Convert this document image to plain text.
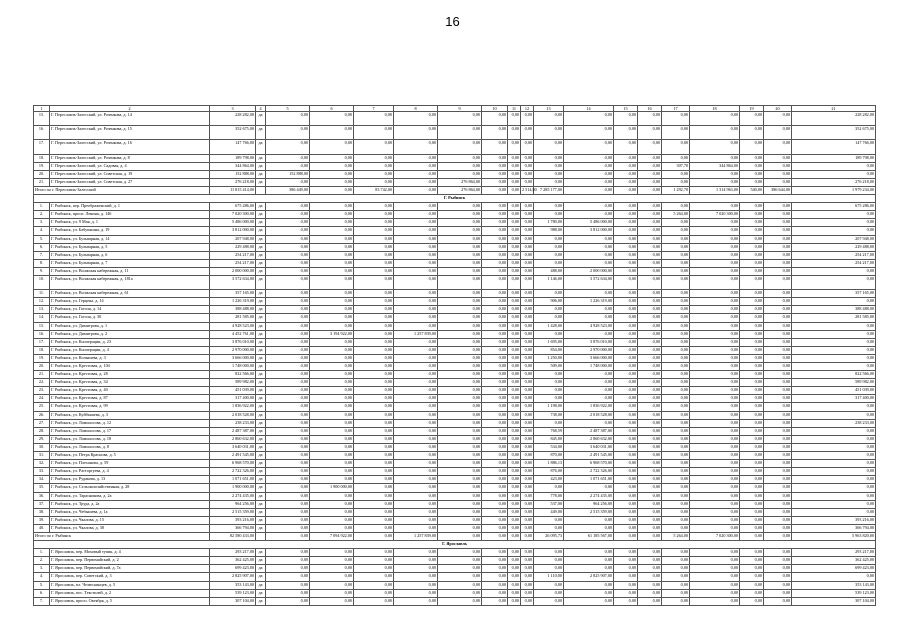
16
1	2	3	4	5	6	7	8	9	10	11	12	13	14	15	16	17	18	19	20	21
15.	Г. Переславль-Залесский, ул. Розенкова, д. 14	228 282,00	да	0,00	0,00	0,00	0,00	0,00	0,00	0,00	0,00	0,00	0,00	0,00	0,00	0,00	0,00	0,00	0,00	228 282,00
16.	Г. Переславль-Залесский, ул. Розенкова, д. 15	352 675,00	да	0,00	0,00	0,00	0,00	0,00	0,00	0,00	0,00	0,00	0,00	0,00	0,00	0,00	0,00	0,00	0,00	352 675,00
17.	Г. Переславль-Залесский, ул. Розенкова, д. 16	147 766,00	да	0,00	0,00	0,00	0,00	0,00	0,00	0,00	0,00	0,00	0,00	0,00	0,00	0,00	0,00	0,00	0,00	147 766,00
18.	Г. Переславль-Залесский, ул. Розенкова, д. 8	189 798,00	да	0,00	0,00	0,00	0,00	0,00	0,00	0,00	0,00	0,00	0,00	0,00	0,00	0,00	0,00	0,00	0,00	189 798,00
19.	Г. Переславль-Залесский, ул. Садовая, д. 4	344 864,00	да	0,00	0,00	0,00	0,00	0,00	0,00	0,00	0,00	0,00	0,00	0,00	0,00	307,70	344 864,00	0,00	0,00	0,00
20.	Г. Переславль-Залесский, ул. Советская, д. 19	152 888,00	да	152 888,00	0,00	0,00	0,00	0,00	0,00	0,00	0,00	0,00	0,00	0,00	0,00	0,00	0,00	0,00	0,00	0,00
21.	Г. Переславль-Залесский, ул. Советская, д. 27	276 218,00	да	0,00	0,00	0,00	0,00	276 864,00	0,00	0,00	0,00	0,00	0,00	0,00	0,00	0,00	0,00	0,00	0,00	276 218,00
Итого по г. Переславль-Залесский		11 815 414,00		386 449,00	0,00	83 742,00	0,00	276 864,00	0,00	0,00	2 514,80	7 285 177,00	0,00	0,00	0,00	1 292,70	1 314 963,00	540,00	386 644,00	1 979 234,00
Г. Рыбинск																				
1.	Г. Рыбинск, пер. Преображенский, д. 1	675 286,00	да	0,00	0,00	0,00	0,00	0,00	0,00	0,00	0,00	0,00	0,00	0,00	0,00	0,00	0,00	0,00	0,00	675 286,00
2.	Г. Рыбинск, просп. Ленина, д. 146	7 020 300,00	да	0,00	0,00	0,00	0,00	0,00	0,00	0,00	0,00	0,00	0,00	0,00	0,00	5 264,00	7 020 300,00	0,00	0,00	0,00
3.	Г. Рыбинск, ул. 9 Мая, д. 1	5 486 000,00	да	0,00	0,00	0,00	0,00	0,00	0,00	0,00	0,00	1 780,00	5 486 000,00	0,00	0,00	0,00	0,00	0,00	0,00	0,00
4.	Г. Рыбинск, ул. Бабушкина, д. 19	3 812 000,00	да	0,00	0,00	0,00	0,00	0,00	0,00	0,00	0,00	988,00	3 812 000,00	0,00	0,00	0,00	0,00	0,00	0,00	0,00
5.	Г. Рыбинск, ул. Бульварная, д. 14	207 948,00	да	0,00	0,00	0,00	0,00	0,00	0,00	0,00	0,00	0,00	0,00	0,00	0,00	0,00	0,00	0,00	0,00	207 948,00
6.	Г. Рыбинск, ул. Бульварная, д. 5	229 488,00	да	0,00	0,00	0,00	0,00	0,00	0,00	0,00	0,00	0,00	0,00	0,00	0,00	0,00	0,00	0,00	0,00	229 488,00
7.	Г. Рыбинск, ул. Бульварная, д. 6	254 217,00	да	0,00	0,00	0,00	0,00	0,00	0,00	0,00	0,00	0,00	0,00	0,00	0,00	0,00	0,00	0,00	0,00	254 217,00
8.	Г. Рыбинск, ул. Бульварная, д. 7	254 217,00	да	0,00	0,00	0,00	0,00	0,00	0,00	0,00	0,00	0,00	0,00	0,00	0,00	0,00	0,00	0,00	0,00	254 217,00
9.	Г. Рыбинск, ул. Волжская набережная, д. 11	2 000 000,00	да	0,00	0,00	0,00	0,00	0,00	0,00	0,00	0,00	488,00	2 000 000,00	0,00	0,00	0,00	0,00	0,00	0,00	0,00
10.	Г. Рыбинск, ул. Волжская набережная, д. 181а	3 572 634,00	да	0,00	0,00	0,00	0,00	0,00	0,00	0,00	0,00	1 146,00	3 572 634,00	0,00	0,00	0,00	0,00	0,00	0,00	0,00
11.	Г. Рыбинск, ул. Волжская набережная, д. 61	357 165,00	да	0,00	0,00	0,00	0,00	0,00	0,00	0,00	0,00	0,00	0,00	0,00	0,00	0,00	0,00	0,00	0,00	357 165,00
12.	Г. Рыбинск, ул. Герцена, д. 14	1 226 319,00	да	0,00	0,00	0,00	0,00	0,00	0,00	0,00	0,00	906,00	1 226 319,00	0,00	0,00	0,00	0,00	0,00	0,00	0,00
13.	Г. Рыбинск, ул. Гоголя, д. 14	388 488,00	да	0,00	0,00	0,00	0,00	0,00	0,00	0,00	0,00	0,00	0,00	0,00	0,00	0,00	0,00	0,00	0,00	388 488,00
14.	Г. Рыбинск, ул. Гоголя, д. 30	281 585,00	да	0,00	0,00	0,00	0,00	0,00	0,00	0,00	0,00	0,00	0,00	0,00	0,00	0,00	0,00	0,00	0,00	281 585,00
15.	Г. Рыбинск, ул. Димитрова, д. 1	4 928 523,00	да	0,00	0,00	0,00	0,00	0,00	0,00	0,00	0,00	1 428,00	4 928 523,00	0,00	0,00	0,00	0,00	0,00	0,00	0,00
16.	Г. Рыбинск, ул. Димитрова, д. 2	4 452 761,00	да	0,00	3 194 922,00	0,00	1 257 839,00	0,00	0,00	0,00	0,00	0,00	0,00	0,00	0,00	0,00	0,00	0,00	0,00	0,00
17.	Г. Рыбинск, ул. Кооперации, д. 23	3 876 010,00	да	0,00	0,00	0,00	0,00	0,00	0,00	0,00	0,00	1 695,00	3 876 010,00	0,00	0,00	0,00	0,00	0,00	0,00	0,00
18.	Г. Рыбинск, ул. Кооперации, д. 4	2 970 000,00	да	0,00	0,00	0,00	0,00	0,00	0,00	0,00	0,00	854,00	2 970 000,00	0,00	0,00	0,00	0,00	0,00	0,00	0,00
19.	Г. Рыбинск, ул. Колышева, д. 3	3 666 000,00	да	0,00	0,00	0,00	0,00	0,00	0,00	0,00	0,00	1 250,00	3 666 000,00	0,00	0,00	0,00	0,00	0,00	0,00	0,00
20.	Г. Рыбинск, ул. Крестовая, д. 104	1 748 000,00	да	0,00	0,00	0,00	0,00	0,00	0,00	0,00	0,00	509,00	1 748 000,00	0,00	0,00	0,00	0,00	0,00	0,00	0,00
21.	Г. Рыбинск, ул. Крестовая, д. 28	822 566,00	да	0,00	0,00	0,00	0,00	0,00	0,00	0,00	0,00	0,00	0,00	0,00	0,00	0,00	0,00	0,00	0,00	822 566,00
22.	Г. Рыбинск, ул. Крестовая, д. 34	589 982,00	да	0,00	0,00	0,00	0,00	0,00	0,00	0,00	0,00	0,00	0,00	0,00	0,00	0,00	0,00	0,00	0,00	589 982,00
23.	Г. Рыбинск, ул. Крестовая, д. 40	451 039,00	да	0,00	0,00	0,00	0,00	0,00	0,00	0,00	0,00	0,00	0,00	0,00	0,00	0,00	0,00	0,00	0,00	451 039,00
24.	Г. Рыбинск, ул. Крестовая, д. 87	317 400,00	да	0,00	0,00	0,00	0,00	0,00	0,00	0,00	0,00	0,00	0,00	0,00	0,00	0,00	0,00	0,00	0,00	317 400,00
25.	Г. Рыбинск, ул. Крестовая, д. 99	1 836 922,00	да	0,00	0,00	0,00	0,00	0,00	0,00	0,00	0,00	1 198,00	1 836 922,00	0,00	0,00	0,00	0,00	0,00	0,00	0,00
26.	Г. Рыбинск, ул. Куйбышева, д. 3	2 018 528,00	да	0,00	0,00	0,00	0,00	0,00	0,00	0,00	0,00	738,00	2 018 528,00	0,00	0,00	0,00	0,00	0,00	0,00	0,00
27.	Г. Рыбинск, ул. Ломоносова, д. 12	238 233,00	да	0,00	0,00	0,00	0,00	0,00	0,00	0,00	0,00	0,00	0,00	0,00	0,00	0,00	0,00	0,00	0,00	238 233,00
28.	Г. Рыбинск, ул. Ломоносова, д. 17	2 487 387,00	да	0,00	0,00	0,00	0,00	0,00	0,00	0,00	0,00	768,59	2 487 387,00	0,00	0,00	0,00	0,00	0,00	0,00	0,00
29.	Г. Рыбинск, ул. Ломоносова, д. 18	2 860 632,00	да	0,00	0,00	0,00	0,00	0,00	0,00	0,00	0,00	845,00	2 860 632,00	0,00	0,00	0,00	0,00	0,00	0,00	0,00
30.	Г. Рыбинск, ул. Ломоносова, д. 8	3 640 031,00	да	0,00	0,00	0,00	0,00	0,00	0,00	0,00	0,00	534,00	3 640 031,00	0,00	0,00	0,00	0,00	0,00	0,00	0,00
31.	Г. Рыбинск, ул. Петра Краснова, д. 5	2 491 545,00	да	0,00	0,00	0,00	0,00	0,00	0,00	0,00	0,00	870,00	2 491 545,00	0,00	0,00	0,00	0,00	0,00	0,00	0,00
32.	Г. Рыбинск, ул. Плеханова, д. 59	6 968 570,00	да	0,00	0,00	0,00	0,00	0,00	0,00	0,00	0,00	1 886,13	6 968 570,00	0,00	0,00	0,00	0,00	0,00	0,00	0,00
33.	Г. Рыбинск, ул. Расторгуева, д. 4	2 722 326,00	да	0,00	0,00	0,00	0,00	0,00	0,00	0,00	0,00	876,00	2 722 326,00	0,00	0,00	0,00	0,00	0,00	0,00	0,00
34.	Г. Рыбинск, ул. Рудакова, д. 13	1 071 651,00	да	0,00	0,00	0,00	0,00	0,00	0,00	0,00	0,00	423,00	1 071 651,00	0,00	0,00	0,00	0,00	0,00	0,00	0,00
35.	Г. Рыбинск, ул. Сельскохозяйственная, д. 28	1 900 000,00	да	0,00	1 900 000,00	0,00	0,00	0,00	0,00	0,00	0,00	0,00	0,00	0,00	0,00	0,00	0,00	0,00	0,00	0,00
36.	Г. Рыбинск, ул. Тарасникова, д. 2а	2 274 435,00	да	0,00	0,00	0,00	0,00	0,00	0,00	0,00	0,00	778,00	2 274 435,00	0,00	0,00	0,00	0,00	0,00	0,00	0,00
37.	Г. Рыбинск, ул. Труда, д. 2а	964 256,00	да	0,00	0,00	0,00	0,00	0,00	0,00	0,00	0,00	537,00	964 256,00	0,00	0,00	0,00	0,00	0,00	0,00	0,00
38.	Г. Рыбинск, ул. Чебышева, д. 1а	2 515 359,00	да	0,00	0,00	0,00	0,00	0,00	0,00	0,00	0,00	449,00	2 515 359,00	0,00	0,00	0,00	0,00	0,00	0,00	0,00
39.	Г. Рыбинск, ул. Чкалова, д. 15	393 216,00	да	0,00	0,00	0,00	0,00	0,00	0,00	0,00	0,00	0,00	0,00	0,00	0,00	0,00	0,00	0,00	0,00	393 216,00
40.	Г. Рыбинск, ул. Чкалова, д. 38	366 794,00	да	0,00	0,00	0,00	0,00	0,00	0,00	0,00	0,00	0,00	0,00	0,00	0,00	0,00	0,00	0,00	0,00	366 794,00
Итого по г. Рыбинск		82 580 433,00		0,00	7 094 922,00	0,00	1 257 839,00	0,00	0,00	0,00	0,00	26 095,73	61 185 567,00	0,00	0,00	5 264,00	7 020 300,00	0,00	0,00	5 963 820,00
Г. Ярославль																				
1.	Г. Ярославль, пер. Моховый тупик, д. 4	293 217,00	да	0,00	0,00	0,00	0,00	0,00	0,00	0,00	0,00	0,00	0,00	0,00	0,00	0,00	0,00	0,00	0,00	293 217,00
2.	Г. Ярославль, пер. Первомайский, д. 2	362 425,00	да	0,00	0,00	0,00	0,00	0,00	0,00	0,00	0,00	0,00	0,00	0,00	0,00	0,00	0,00	0,00	0,00	362 425,00
3.	Г. Ярославль, пер. Первомайский, д. 7а	699 423,00	да	0,00	0,00	0,00	0,00	0,00	0,00	0,00	0,00	0,00	0,00	0,00	0,00	0,00	0,00	0,00	0,00	699 423,00
4.	Г. Ярославль, пер. Советский, д. 3	2 825 907,00	да	0,00	0,00	0,00	0,00	0,00	0,00	0,00	0,00	1 110,00	2 825 907,00	0,00	0,00	0,00	0,00	0,00	0,00	0,00
5.	Г. Ярославль, пл. Челюскинцев, д. 5	353 143,00	да	0,00	0,00	0,00	0,00	0,00	0,00	0,00	0,00	0,00	0,00	0,00	0,00	0,00	0,00	0,00	0,00	353 143,00
6.	Г. Ярославль, пос. Текстилей, д. 2	539 123,00	да	0,00	0,00	0,00	0,00	0,00	0,00	0,00	0,00	0,00	0,00	0,00	0,00	0,00	0,00	0,00	0,00	539 123,00
7.	Г. Ярославль, просп. Октября, д. 5	307 104,00	да	0,00	0,00	0,00	0,00	0,00	0,00	0,00	0,00	0,00	0,00	0,00	0,00	0,00	0,00	0,00	0,00	307 104,00
